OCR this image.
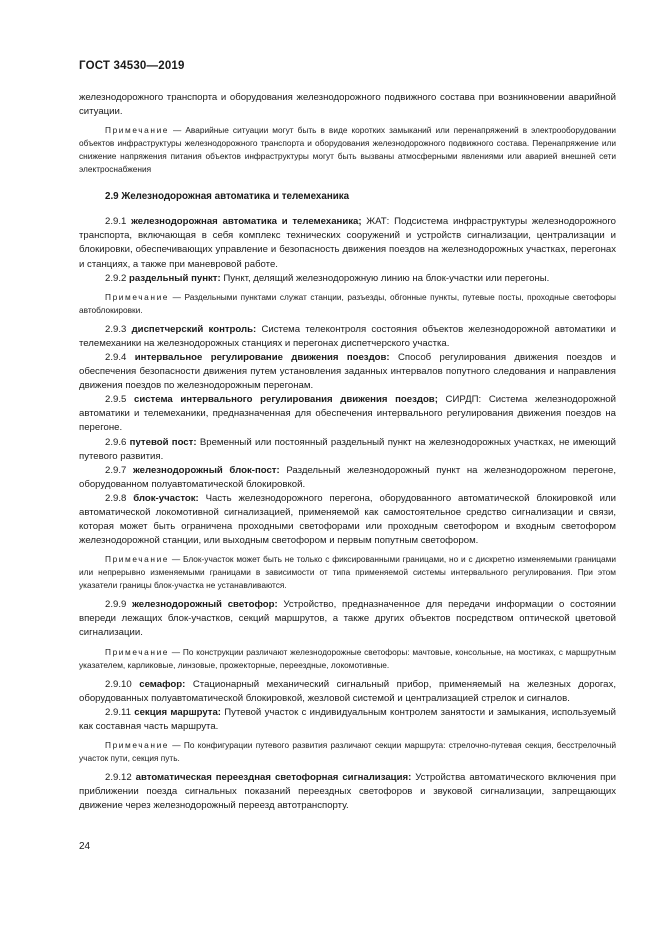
ГОСТ 34530—2019

железнодорожного транспорта и оборудования железнодорожного подвижного состава при возникновении аварийной ситуации.

Примечание — Аварийные ситуации могут быть в виде коротких замыканий или перенапряжений в электрооборудовании объектов инфраструктуры железнодорожного транспорта и оборудования железнодорожного подвижного состава. Перенапряжение или снижение напряжения питания объектов инфраструктуры могут быть вызваны атмосферными явлениями или аварией внешней сети электроснабжения

2.9 Железнодорожная автоматика и телемеханика

2.9.1 железнодорожная автоматика и телемеханика; ЖАТ: Подсистема инфраструктуры железнодорожного транспорта, включающая в себя комплекс технических сооружений и устройств сигнализации, централизации и блокировки, обеспечивающих управление и безопасность движения поездов на железнодорожных участках, перегонах и станциях, а также при маневровой работе.

2.9.2 раздельный пункт: Пункт, делящий железнодорожную линию на блок-участки или перегоны.

Примечание — Раздельными пунктами служат станции, разъезды, обгонные пункты, путевые посты, проходные светофоры автоблокировки.

2.9.3 диспетчерский контроль: Система телеконтроля состояния объектов железнодорожной автоматики и телемеханики на железнодорожных станциях и перегонах диспетчерского участка.

2.9.4 интервальное регулирование движения поездов: Способ регулирования движения поездов и обеспечения безопасности движения путем установления заданных интервалов попутного следования и направления движения поездов по железнодорожным перегонам.

2.9.5 система интервального регулирования движения поездов; СИРДП: Система железнодорожной автоматики и телемеханики, предназначенная для обеспечения интервального регулирования движения поездов на перегоне.

2.9.6 путевой пост: Временный или постоянный раздельный пункт на железнодорожных участках, не имеющий путевого развития.

2.9.7 железнодорожный блок-пост: Раздельный железнодорожный пункт на железнодорожном перегоне, оборудованном полуавтоматической блокировкой.

2.9.8 блок-участок: Часть железнодорожного перегона, оборудованного автоматической блокировкой или автоматической локомотивной сигнализацией, применяемой как самостоятельное средство сигнализации и связи, которая может быть ограничена проходными светофорами или проходным светофором и входным светофором железнодорожной станции, или выходным светофором и первым попутным светофором.

Примечание — Блок-участок может быть не только с фиксированными границами, но и с дискретно изменяемыми границами или непрерывно изменяемыми границами в зависимости от типа применяемой системы интервального регулирования. При этом указатели границы блок-участка не устанавливаются.

2.9.9 железнодорожный светофор: Устройство, предназначенное для передачи информации о состоянии впереди лежащих блок-участков, секций маршрутов, а также других объектов посредством оптической цветовой сигнализации.

Примечание — По конструкции различают железнодорожные светофоры: мачтовые, консольные, на мостиках, с маршрутным указателем, карликовые, линзовые, прожекторные, переездные, локомотивные.

2.9.10 семафор: Стационарный механический сигнальный прибор, применяемый на железных дорогах, оборудованных полуавтоматической блокировкой, жезловой системой и централизацией стрелок и сигналов.

2.9.11 секция маршрута: Путевой участок с индивидуальным контролем занятости и замыкания, используемый как составная часть маршрута.

Примечание — По конфигурации путевого развития различают секции маршрута: стрелочно-путевая секция, бесстрелочный участок пути, секция путь.

2.9.12 автоматическая переездная светофорная сигнализация: Устройства автоматического включения при приближении поезда сигнальных показаний переездных светофоров и звуковой сигнализации, запрещающих движение через железнодорожный переезд автотранспорту.

24
